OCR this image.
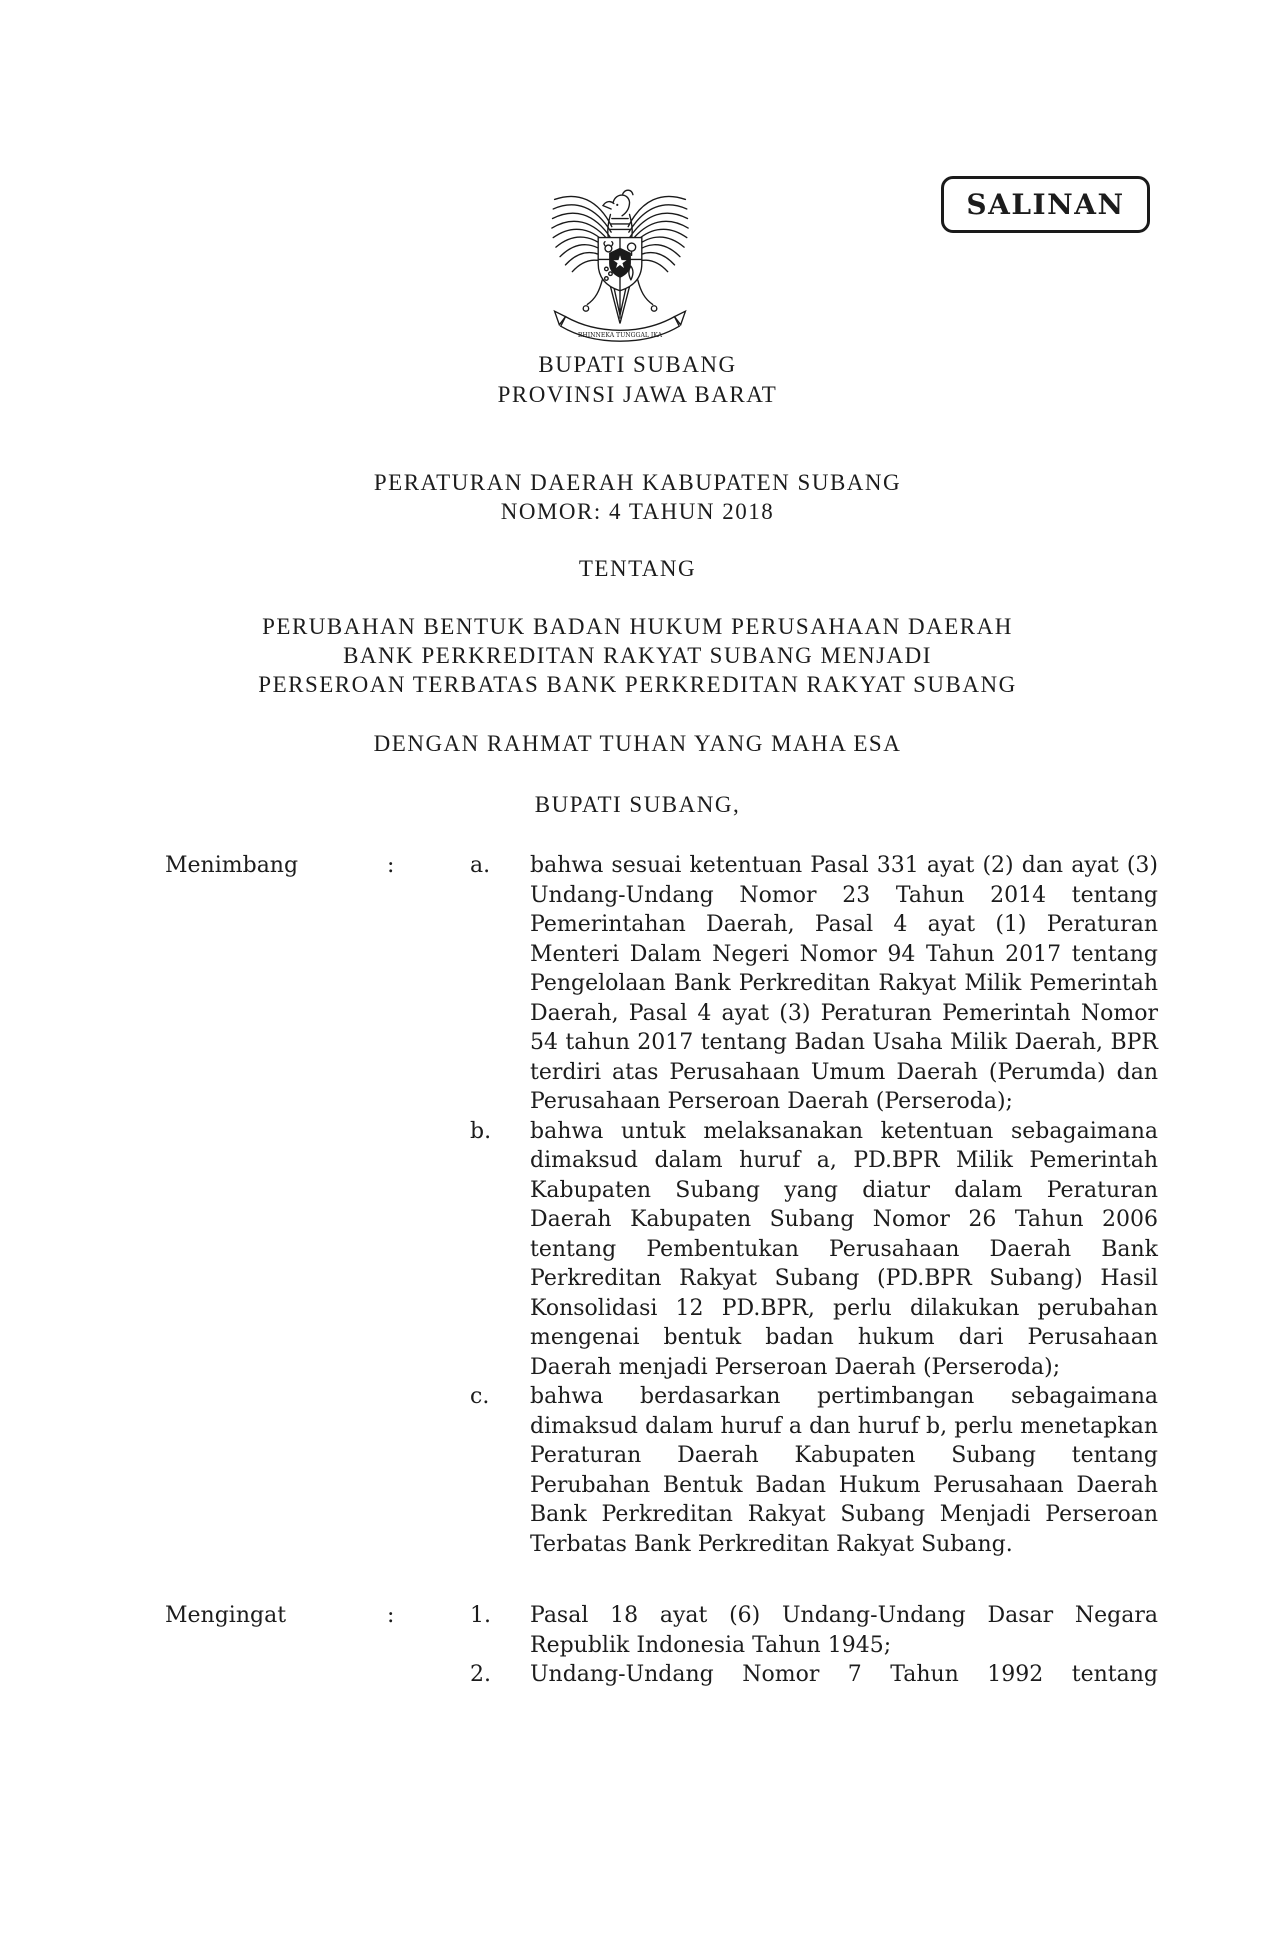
SALINAN
BHINNEKA TUNGGAL IKA
BUPATI SUBANG
PROVINSI JAWA BARAT
PERATURAN DAERAH KABUPATEN SUBANG
NOMOR: 4 TAHUN 2018
TENTANG
PERUBAHAN BENTUK BADAN HUKUM PERUSAHAAN DAERAH
BANK PERKREDITAN RAKYAT SUBANG MENJADI
PERSEROAN TERBATAS BANK PERKREDITAN RAKYAT SUBANG
DENGAN RAHMAT TUHAN YANG MAHA ESA
BUPATI SUBANG,
Menimbang	:	a.	bahwa sesuai ketentuan Pasal 331 ayat (2) dan ayat (3) Undang-Undang Nomor 23 Tahun 2014 tentang Pemerintahan Daerah, Pasal 4 ayat (1) Peraturan Menteri Dalam Negeri Nomor 94 Tahun 2017 tentang Pengelolaan Bank Perkreditan Rakyat Milik Pemerintah Daerah, Pasal 4 ayat (3) Peraturan Pemerintah Nomor 54 tahun 2017 tentang Badan Usaha Milik Daerah, BPR terdiri atas Perusahaan Umum Daerah (Perumda) dan Perusahaan Perseroan Daerah (Perseroda);
b.	bahwa untuk melaksanakan ketentuan sebagaimana dimaksud dalam huruf a, PD.BPR Milik Pemerintah Kabupaten Subang yang diatur dalam Peraturan Daerah Kabupaten Subang Nomor 26 Tahun 2006 tentang Pembentukan Perusahaan Daerah Bank Perkreditan Rakyat Subang (PD.BPR Subang) Hasil Konsolidasi 12 PD.BPR, perlu dilakukan perubahan mengenai bentuk badan hukum dari Perusahaan Daerah menjadi Perseroan Daerah (Perseroda);
c.	bahwa berdasarkan pertimbangan sebagaimana dimaksud dalam huruf a dan huruf b, perlu menetapkan Peraturan Daerah Kabupaten Subang tentang Perubahan Bentuk Badan Hukum Perusahaan Daerah Bank Perkreditan Rakyat Subang Menjadi Perseroan Terbatas Bank Perkreditan Rakyat Subang.
Mengingat	:	1.	Pasal 18 ayat (6) Undang-Undang Dasar Negara Republik Indonesia Tahun 1945;
2.	Undang-Undang Nomor 7 Tahun 1992 tentang
